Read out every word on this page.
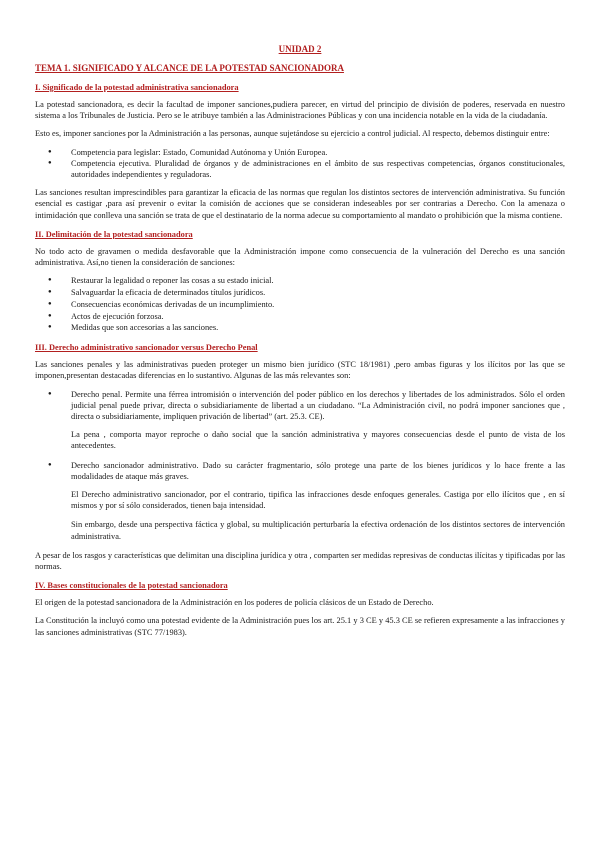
UNIDAD 2
TEMA 1. SIGNIFICADO Y ALCANCE DE LA POTESTAD SANCIONADORA
I. Significado de la potestad administrativa sancionadora

La potestad sancionadora, es decir la facultad de imponer sanciones,pudiera parecer, en virtud del principio de división de poderes, reservada en nuestro sistema a los Tribunales de Justicia. Pero se le atribuye también a las Administraciones Públicas y con una incidencia notable en la vida de la ciudadanía.

Esto es, imponer sanciones por la Administración a las personas, aunque sujetándose su ejercicio a control judicial. Al respecto, debemos distinguir entre:

● Competencia para legislar: Estado, Comunidad Autónoma y Unión Europea.
● Competencia ejecutiva. Pluralidad de órganos y de administraciones en el ámbito de sus respectivas competencias, órganos constitucionales, autoridades independientes y reguladoras.

Las sanciones resultan imprescindibles para garantizar la eficacia de las normas que regulan los distintos sectores de intervención administrativa. Su función esencial es castigar ,para así prevenir o evitar la comisión de acciones que se consideran indeseables por ser contrarias a Derecho. Con la amenaza o intimidación que conlleva una sanción se trata de que el destinatario de la norma adecue su comportamiento al mandato o prohibición que la misma contiene.

II. Delimitación de la potestad sancionadora

No todo acto de gravamen o medida desfavorable que la Administración impone como consecuencia de la vulneración del Derecho es una sanción administrativa. Así,no tienen la consideración de sanciones:

● Restaurar la legalidad o reponer las cosas a su estado inicial.
● Salvaguardar la eficacia de determinados títulos jurídicos.
● Consecuencias económicas derivadas de un incumplimiento.
● Actos de ejecución forzosa.
● Medidas que son accesorias a las sanciones.
III. Derecho administrativo sancionador versus Derecho Penal

Las sanciones penales y las administrativas pueden proteger un mismo bien jurídico (STC 18/1981) ,pero ambas figuras y los ilícitos por las que se imponen,presentan destacadas diferencias en lo sustantivo. Algunas de las más relevantes son:

● Derecho penal. Permite una férrea intromisión o intervención del poder público en los derechos y libertades de los administrados. Sólo el orden judicial penal puede privar, directa o subsidiariamente de libertad a un ciudadano. “La Administración civil, no podrá imponer sanciones que , directa o subsidiariamente, impliquen privación de libertad” (art. 25.3. CE).
La pena , comporta mayor reproche o daño social que la sanción administrativa y mayores consecuencias desde el punto de vista de los antecedentes.
● Derecho sancionador administrativo. Dado su carácter fragmentario, sólo protege una parte de los bienes jurídicos y lo hace frente a las modalidades de ataque más graves.
El Derecho administrativo sancionador, por el contrario, tipifica las infracciones desde enfoques generales. Castiga por ello ilícitos que , en sí mismos y por sí sólo considerados, tienen baja intensidad.
Sin embargo, desde una perspectiva fáctica y global, su multiplicación perturbaría la efectiva ordenación de los distintos sectores de intervención administrativa.

A pesar de los rasgos y características que delimitan una disciplina jurídica y otra , comparten ser medidas represivas de conductas ilícitas y tipificadas por las normas.

IV. Bases constitucionales de la potestad sancionadora

El origen de la potestad sancionadora de la Administración en los poderes de policía clásicos de un Estado de Derecho.

La Constitución la incluyó como una potestad evidente de la Administración pues los art. 25.1 y 3 CE y 45.3 CE se refieren expresamente a las infracciones y las sanciones administrativas (STC 77/1983).
